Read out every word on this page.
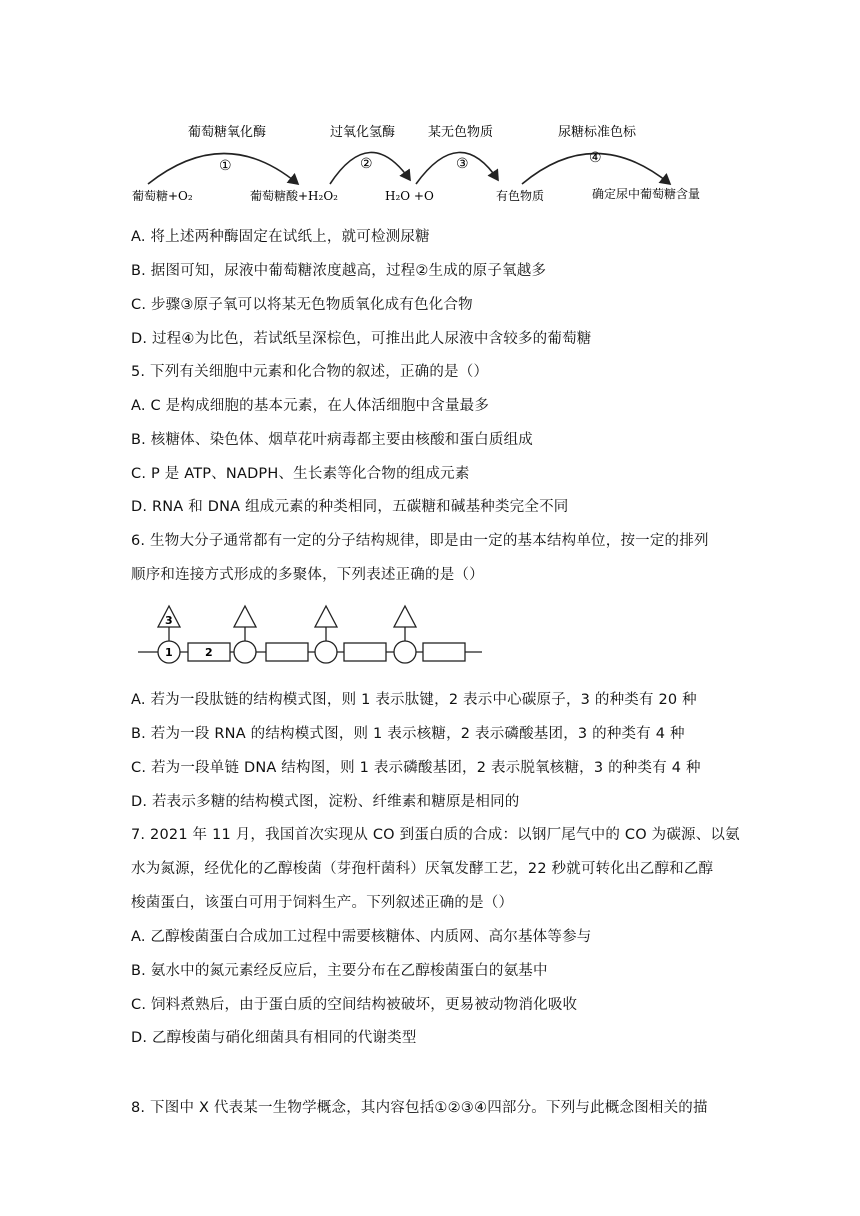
葡萄糖氧化酶
①
过氧化氢酶
②
某无色物质
③
尿糖标准色标
④
葡萄糖+O₂	葡萄糖酸+H₂O₂	H₂O +O	有色物质	确定尿中葡萄糖含量
A. 将上述两种酶固定在试纸上，就可检测尿糖
B. 据图可知，尿液中葡萄糖浓度越高，过程②生成的原子氧越多
C. 步骤③原子氧可以将某无色物质氧化成有色化合物
D. 过程④为比色，若试纸呈深棕色，可推出此人尿液中含较多的葡萄糖
5. 下列有关细胞中元素和化合物的叙述，正确的是（）
A. C 是构成细胞的基本元素，在人体活细胞中含量最多
B. 核糖体、染色体、烟草花叶病毒都主要由核酸和蛋白质组成
C. P 是 ATP、NADPH、生长素等化合物的组成元素
D. RNA 和 DNA 组成元素的种类相同，五碳糖和碱基种类完全不同
6. 生物大分子通常都有一定的分子结构规律，即是由一定的基本结构单位，按一定的排列
顺序和连接方式形成的多聚体，下列表述正确的是（）
3
1	2
A. 若为一段肽链的结构模式图，则 1 表示肽键，2 表示中心碳原子，3 的种类有 20 种
B. 若为一段 RNA 的结构模式图，则 1 表示核糖，2 表示磷酸基团，3 的种类有 4 种
C. 若为一段单链 DNA 结构图，则 1 表示磷酸基团，2 表示脱氧核糖，3 的种类有 4 种
D. 若表示多糖的结构模式图，淀粉、纤维素和糖原是相同的
7. 2021 年 11 月，我国首次实现从 CO 到蛋白质的合成：以钢厂尾气中的 CO 为碳源、以氨
水为氮源，经优化的乙醇梭菌（芽孢杆菌科）厌氧发酵工艺，22 秒就可转化出乙醇和乙醇
梭菌蛋白，该蛋白可用于饲料生产。下列叙述正确的是（）
A. 乙醇梭菌蛋白合成加工过程中需要核糖体、内质网、高尔基体等参与
B. 氨水中的氮元素经反应后，主要分布在乙醇梭菌蛋白的氨基中
C. 饲料煮熟后，由于蛋白质的空间结构被破坏，更易被动物消化吸收
D. 乙醇梭菌与硝化细菌具有相同的代谢类型
8. 下图中 X 代表某一生物学概念，其内容包括①②③④四部分。下列与此概念图相关的描
